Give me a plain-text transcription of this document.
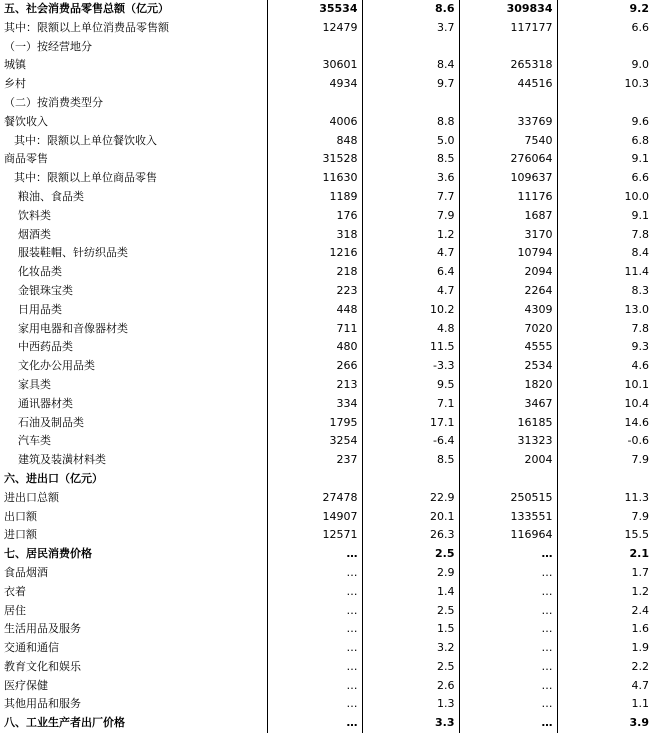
五、社会消费品零售总额（亿元）	35534	8.6	309834	9.2
其中：限额以上单位消费品零售额	12479	3.7	117177	6.6
（一）按经营地分				
城镇	30601	8.4	265318	9.0
乡村	4934	9.7	44516	10.3
（二）按消费类型分				
餐饮收入	4006	8.8	33769	9.6
其中：限额以上单位餐饮收入	848	5.0	7540	6.8
商品零售	31528	8.5	276064	9.1
其中：限额以上单位商品零售	11630	3.6	109637	6.6
粮油、食品类	1189	7.7	11176	10.0
饮料类	176	7.9	1687	9.1
烟酒类	318	1.2	3170	7.8
服装鞋帽、针纺织品类	1216	4.7	10794	8.4
化妆品类	218	6.4	2094	11.4
金银珠宝类	223	4.7	2264	8.3
日用品类	448	10.2	4309	13.0
家用电器和音像器材类	711	4.8	7020	7.8
中西药品类	480	11.5	4555	9.3
文化办公用品类	266	-3.3	2534	4.6
家具类	213	9.5	1820	10.1
通讯器材类	334	7.1	3467	10.4
石油及制品类	1795	17.1	16185	14.6
汽车类	3254	-6.4	31323	-0.6
建筑及装潢材料类	237	8.5	2004	7.9
六、进出口（亿元）				
进出口总额	27478	22.9	250515	11.3
出口额	14907	20.1	133551	7.9
进口额	12571	26.3	116964	15.5
七、居民消费价格	…	2.5	…	2.1
食品烟酒	…	2.9	…	1.7
衣着	…	1.4	…	1.2
居住	…	2.5	…	2.4
生活用品及服务	…	1.5	…	1.6
交通和通信	…	3.2	…	1.9
教育文化和娱乐	…	2.5	…	2.2
医疗保健	…	2.6	…	4.7
其他用品和服务	…	1.3	…	1.1
八、工业生产者出厂价格	…	3.3	…	3.9
